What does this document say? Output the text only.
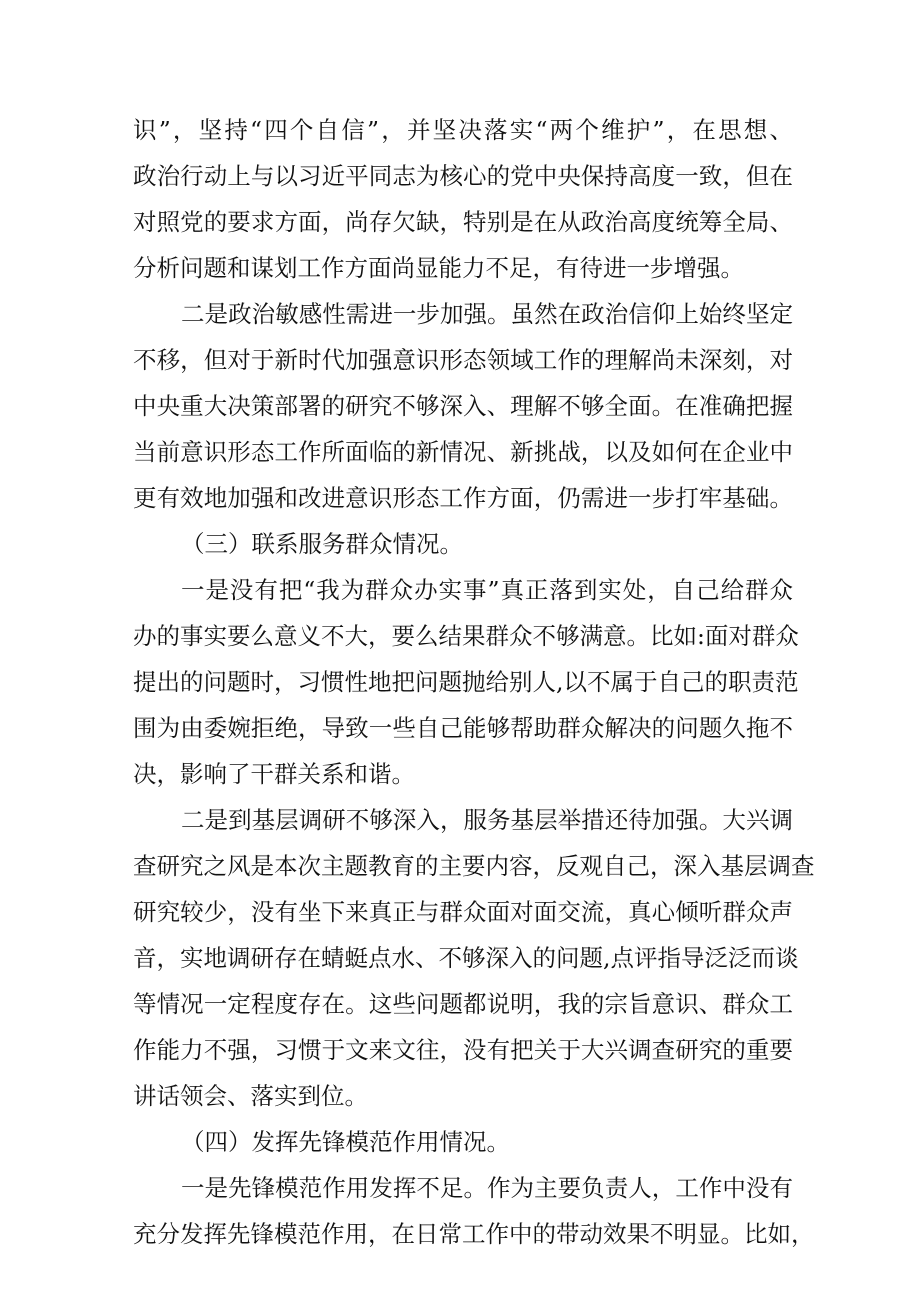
识”，坚持“四个自信”，并坚决落实“两个维护”，在思想、
政治行动上与以习近平同志为核心的党中央保持高度一致，但在
对照党的要求方面，尚存欠缺，特别是在从政治高度统筹全局、
分析问题和谋划工作方面尚显能力不足，有待进一步增强。
二是政治敏感性需进一步加强。虽然在政治信仰上始终坚定
不移，但对于新时代加强意识形态领域工作的理解尚未深刻，对
中央重大决策部署的研究不够深入、理解不够全面。在准确把握
当前意识形态工作所面临的新情况、新挑战，以及如何在企业中
更有效地加强和改进意识形态工作方面，仍需进一步打牢基础。
（三）联系服务群众情况。
一是没有把“我为群众办实事”真正落到实处，自己给群众
办的事实要么意义不大，要么结果群众不够满意。比如:面对群众
提出的问题时，习惯性地把问题抛给别人,以不属于自己的职责范
围为由委婉拒绝，导致一些自己能够帮助群众解决的问题久拖不
决，影响了干群关系和谐。
二是到基层调研不够深入，服务基层举措还待加强。大兴调
查研究之风是本次主题教育的主要内容，反观自己，深入基层调查
研究较少，没有坐下来真正与群众面对面交流，真心倾听群众声
音，实地调研存在蜻蜓点水、不够深入的问题,点评指导泛泛而谈
等情况一定程度存在。这些问题都说明，我的宗旨意识、群众工
作能力不强，习惯于文来文往，没有把关于大兴调查研究的重要
讲话领会、落实到位。
（四）发挥先锋模范作用情况。
一是先锋模范作用发挥不足。作为主要负责人，工作中没有
充分发挥先锋模范作用，在日常工作中的带动效果不明显。比如，
